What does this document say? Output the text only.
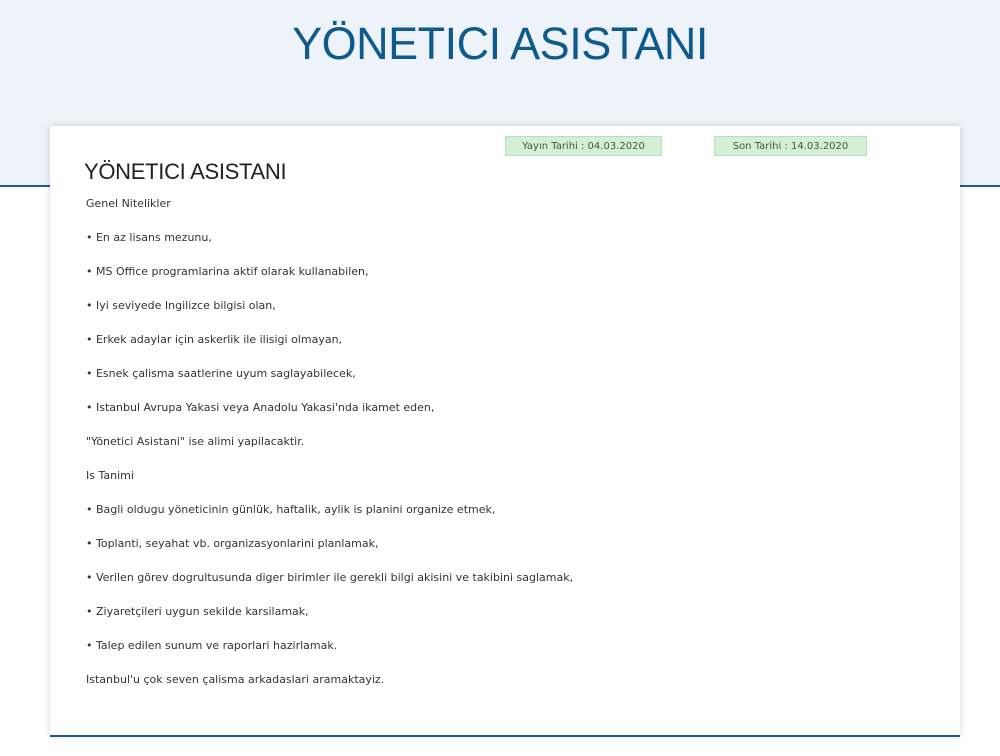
YÖNETICI ASISTANI
Yayın Tarihi : 04.03.2020	Son Tarihi : 14.03.2020
YÖNETICI ASISTANI
Genel Nitelikler
• En az lisans mezunu,
• MS Office programlarina aktif olarak kullanabilen,
• Iyi seviyede Ingilizce bilgisi olan,
• Erkek adaylar için askerlik ile ilisigi olmayan,
• Esnek çalisma saatlerine uyum saglayabilecek,
• Istanbul Avrupa Yakasi veya Anadolu Yakasi'nda ikamet eden,
"Yönetici Asistani" ise alimi yapilacaktir.
Is Tanimi
• Bagli oldugu yöneticinin günlük, haftalik, aylik is planini organize etmek,
• Toplanti, seyahat vb. organizasyonlarini planlamak,
• Verilen görev dogrultusunda diger birimler ile gerekli bilgi akisini ve takibini saglamak,
• Ziyaretçileri uygun sekilde karsilamak,
• Talep edilen sunum ve raporlari hazirlamak.
Istanbul'u çok seven çalisma arkadaslari aramaktayiz.
